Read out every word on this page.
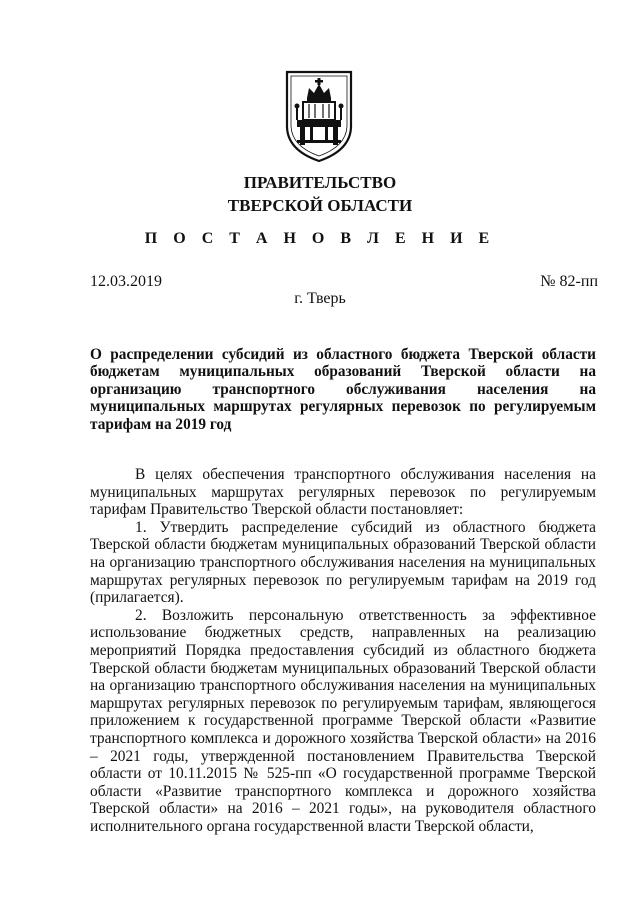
ПРАВИТЕЛЬСТВО
ТВЕРСКОЙ ОБЛАСТИ
П О С Т А Н О В Л Е Н И Е
12.03.2019	№ 82-пп
г. Тверь
О распределении субсидий из областного бюджета Тверской области бюджетам муниципальных образований Тверской области на организацию транспортного обслуживания населения на муниципальных маршрутах регулярных перевозок по регулируемым тарифам на 2019 год

В целях обеспечения транспортного обслуживания населения на муниципальных маршрутах регулярных перевозок по регулируемым тарифам Правительство Тверской области постановляет:

1. Утвердить распределение субсидий из областного бюджета Тверской области бюджетам муниципальных образований Тверской области на организацию транспортного обслуживания населения на муниципальных маршрутах регулярных перевозок по регулируемым тарифам на 2019 год (прилагается).

2. Возложить персональную ответственность за эффективное использование бюджетных средств, направленных на реализацию мероприятий Порядка предоставления субсидий из областного бюджета Тверской области бюджетам муниципальных образований Тверской области на организацию транспортного обслуживания населения на муниципальных маршрутах регулярных перевозок по регулируемым тарифам, являющегося приложением к государственной программе Тверской области «Развитие транспортного комплекса и дорожного хозяйства Тверской области» на 2016 – 2021 годы, утвержденной постановлением Правительства Тверской области от 10.11.2015 № 525-пп «О государственной программе Тверской области «Развитие транспортного комплекса и дорожного хозяйства Тверской области» на 2016 – 2021 годы», на руководителя областного исполнительного органа государственной власти Тверской области,
